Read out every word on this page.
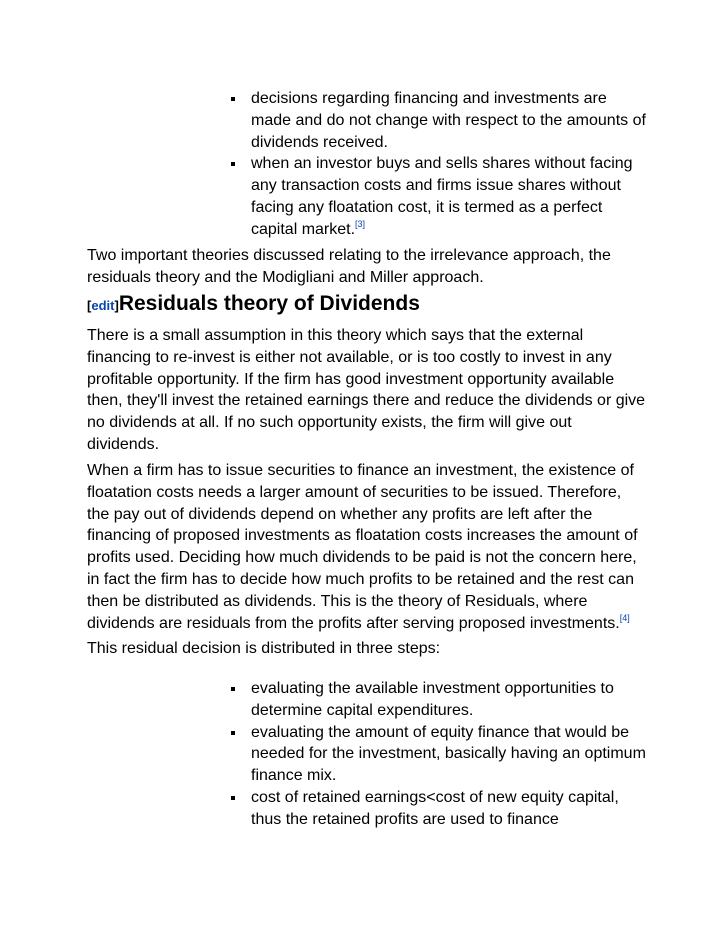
decisions regarding financing and investments are made and do not change with respect to the amounts of dividends received.
when an investor buys and sells shares without facing any transaction costs and firms issue shares without facing any floatation cost, it is termed as a perfect capital market.[3]

Two important theories discussed relating to the irrelevance approach, the residuals theory and the Modigliani and Miller approach.

[edit]Residuals theory of Dividends

There is a small assumption in this theory which says that the external financing to re-invest is either not available, or is too costly to invest in any profitable opportunity. If the firm has good investment opportunity available then, they'll invest the retained earnings there and reduce the dividends or give no dividends at all. If no such opportunity exists, the firm will give out dividends.

When a firm has to issue securities to finance an investment, the existence of floatation costs needs a larger amount of securities to be issued. Therefore, the pay out of dividends depend on whether any profits are left after the financing of proposed investments as floatation costs increases the amount of profits used. Deciding how much dividends to be paid is not the concern here, in fact the firm has to decide how much profits to be retained and the rest can then be distributed as dividends. This is the theory of Residuals, where dividends are residuals from the profits after serving proposed investments.[4]

This residual decision is distributed in three steps:

evaluating the available investment opportunities to determine capital expenditures.
evaluating the amount of equity finance that would be needed for the investment, basically having an optimum finance mix.
cost of retained earnings<cost of new equity capital, thus the retained profits are used to finance
